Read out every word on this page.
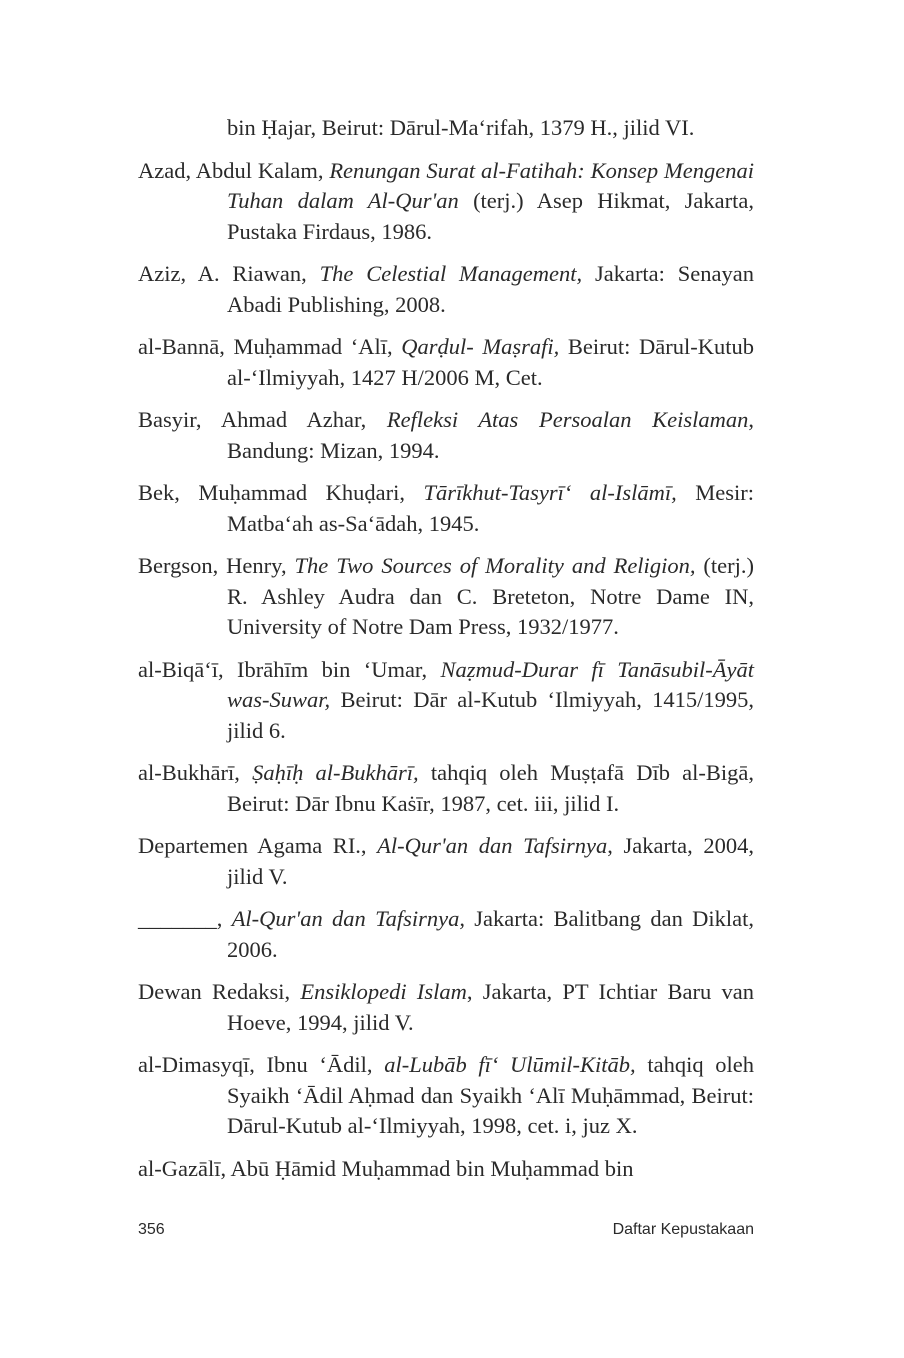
bin Ḥajar, Beirut: Dārul-Ma‘rifah, 1379 H., jilid VI.

Azad, Abdul Kalam, Renungan Surat al-Fatihah: Konsep Mengenai Tuhan dalam Al-Qur'an (terj.) Asep Hikmat, Jakarta, Pustaka Firdaus, 1986.

Aziz, A. Riawan, The Celestial Management, Jakarta: Senayan Abadi Publishing, 2008.

al-Bannā, Muḥammad ‘Alī, Qarḍul- Maṣrafi, Beirut: Dārul-Kutub al-‘Ilmiyyah, 1427 H/2006 M, Cet.

Basyir, Ahmad Azhar, Refleksi Atas Persoalan Keislaman, Bandung: Mizan, 1994.

Bek, Muḥammad Khuḍari, Tārīkhut-Tasyrī‘ al-Islāmī, Mesir: Matba‘ah as-Sa‘ādah, 1945.

Bergson, Henry, The Two Sources of Morality and Religion, (terj.) R. Ashley Audra dan C. Breteton, Notre Dame IN, University of Notre Dam Press, 1932/1977.

al-Biqā‘ī, Ibrāhīm bin ‘Umar, Naẓmud-Durar fī Tanāsubil-Āyāt was-Suwar, Beirut: Dār al-Kutub ‘Ilmiyyah, 1415/1995, jilid 6.

al-Bukhārī, Ṣaḥīḥ al-Bukhārī, tahqiq oleh Muṣṭafā Dīb al-Bigā, Beirut: Dār Ibnu Kaṡīr, 1987, cet. iii, jilid I.

Departemen Agama RI., Al-Qur'an dan Tafsirnya, Jakarta, 2004, jilid V.

_______, Al-Qur'an dan Tafsirnya, Jakarta: Balitbang dan Diklat, 2006.

Dewan Redaksi, Ensiklopedi Islam, Jakarta, PT Ichtiar Baru van Hoeve, 1994, jilid V.

al-Dimasyqī, Ibnu ‘Ādil, al-Lubāb fī‘ Ulūmil-Kitāb, tahqiq oleh Syaikh ‘Ādil Aḥmad dan Syaikh ‘Alī Muḥāmmad, Beirut: Dārul-Kutub al-‘Ilmiyyah, 1998, cet. i, juz X.

al-Gazālī, Abū Ḥāmid Muḥammad bin Muḥammad bin

356	Daftar Kepustakaan
